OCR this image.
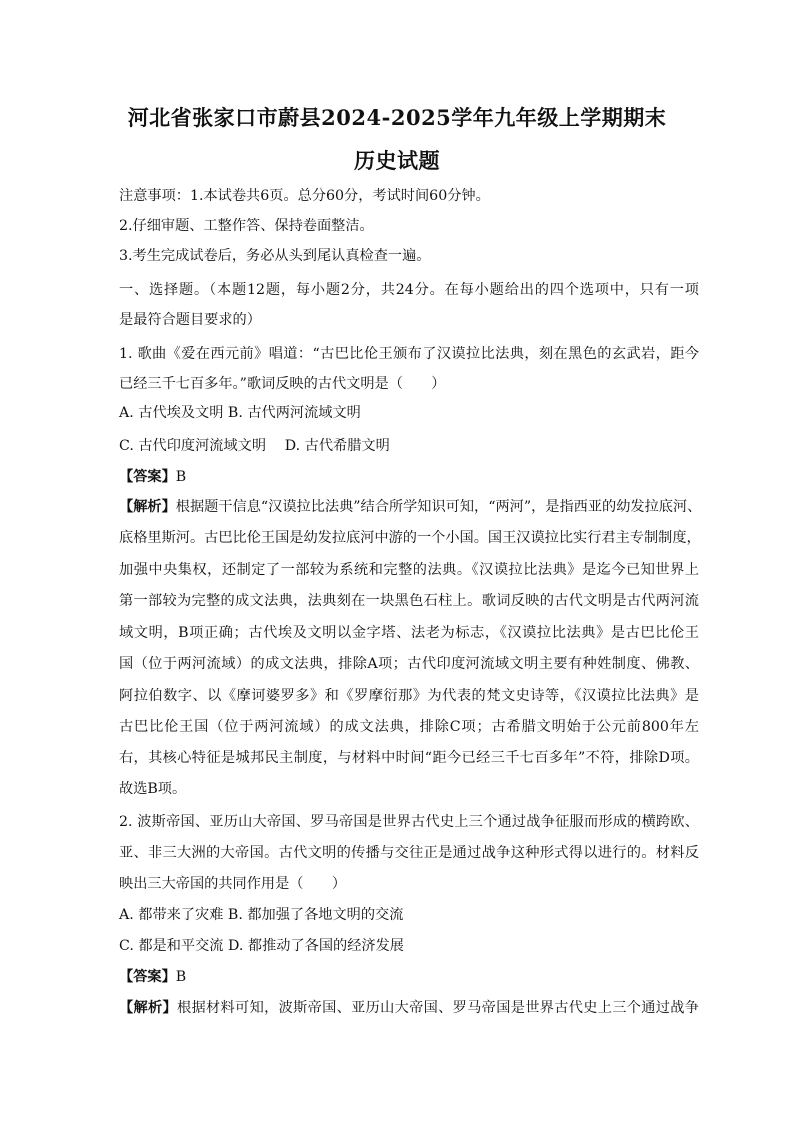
河北省张家口市蔚县2024-2025学年九年级上学期期末
历史试题
注意事项：1.本试卷共6页。总分60分，考试时间60分钟。
2.仔细审题、工整作答、保持卷面整洁。
3.考生完成试卷后，务必从头到尾认真检查一遍。
一、选择题。（本题12题，每小题2分，共24分。在每小题给出的四个选项中，只有一项
是最符合题目要求的）
1. 歌曲《爱在西元前》唱道：“古巴比伦王颁布了汉谟拉比法典，刻在黑色的玄武岩，距今
已经三千七百多年。”歌词反映的古代文明是（　　）
A. 古代埃及文明 B. 古代两河流域文明
C. 古代印度河流域文明　 D. 古代希腊文明
【答案】B
【解析】根据题干信息“汉谟拉比法典”结合所学知识可知，“两河”，是指西亚的幼发拉底河、
底格里斯河。古巴比伦王国是幼发拉底河中游的一个小国。国王汉谟拉比实行君主专制制度，
加强中央集权，还制定了一部较为系统和完整的法典。《汉谟拉比法典》是迄今已知世界上
第一部较为完整的成文法典，法典刻在一块黑色石柱上。歌词反映的古代文明是古代两河流
域文明，B项正确；古代埃及文明以金字塔、法老为标志，《汉谟拉比法典》是古巴比伦王
国（位于两河流域）的成文法典，排除A项；古代印度河流域文明主要有种姓制度、佛教、
阿拉伯数字、以《摩诃婆罗多》和《罗摩衍那》为代表的梵文史诗等，《汉谟拉比法典》是
古巴比伦王国（位于两河流域）的成文法典，排除C项；古希腊文明始于公元前800年左
右，其核心特征是城邦民主制度，与材料中时间“距今已经三千七百多年”不符，排除D项。
故选B项。
2. 波斯帝国、亚历山大帝国、罗马帝国是世界古代史上三个通过战争征服而形成的横跨欧、
亚、非三大洲的大帝国。古代文明的传播与交往正是通过战争这种形式得以进行的。材料反
映出三大帝国的共同作用是（　　）
A. 都带来了灾难 B. 都加强了各地文明的交流
C. 都是和平交流 D. 都推动了各国的经济发展
【答案】B
【解析】根据材料可知，波斯帝国、亚历山大帝国、罗马帝国是世界古代史上三个通过战争
